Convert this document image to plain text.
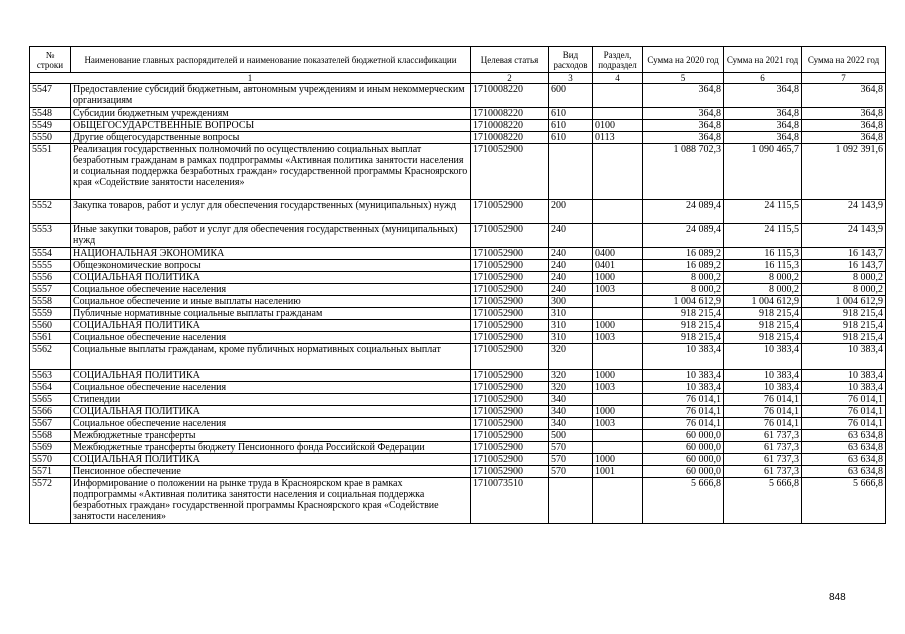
№ строки	Наименование главных распорядителей и наименование показателей бюджетной классификации	Целевая статья	Вид расходов	Раздел, подраздел	Сумма на 2020 год	Сумма на 2021 год	Сумма на 2022 год
1		2	3	4	5	6	7
5547	Предоставление субсидий бюджетным, автономным учреждениям и иным некоммерческим организациям	1710008220	600		364,8	364,8	364,8
5548	Субсидии бюджетным учреждениям	1710008220	610		364,8	364,8	364,8
5549	ОБЩЕГОСУДАРСТВЕННЫЕ ВОПРОСЫ	1710008220	610	0100	364,8	364,8	364,8
5550	Другие общегосударственные вопросы	1710008220	610	0113	364,8	364,8	364,8
5551	Реализация государственных полномочий по осуществлению социальных выплат безработным гражданам в рамках подпрограммы «Активная политика занятости населения и социальная поддержка безработных граждан» государственной программы Красноярского края «Содействие занятости населения»	1710052900			1 088 702,3	1 090 465,7	1 092 391,6
5552	Закупка товаров, работ и услуг для обеспечения государственных (муниципальных) нужд	1710052900	200		24 089,4	24 115,5	24 143,9
5553	Иные закупки товаров, работ и услуг для обеспечения государственных (муниципальных) нужд	1710052900	240		24 089,4	24 115,5	24 143,9
5554	НАЦИОНАЛЬНАЯ ЭКОНОМИКА	1710052900	240	0400	16 089,2	16 115,3	16 143,7
5555	Общеэкономические вопросы	1710052900	240	0401	16 089,2	16 115,3	16 143,7
5556	СОЦИАЛЬНАЯ ПОЛИТИКА	1710052900	240	1000	8 000,2	8 000,2	8 000,2
5557	Социальное обеспечение населения	1710052900	240	1003	8 000,2	8 000,2	8 000,2
5558	Социальное обеспечение и иные выплаты населению	1710052900	300		1 004 612,9	1 004 612,9	1 004 612,9
5559	Публичные нормативные социальные выплаты гражданам	1710052900	310		918 215,4	918 215,4	918 215,4
5560	СОЦИАЛЬНАЯ ПОЛИТИКА	1710052900	310	1000	918 215,4	918 215,4	918 215,4
5561	Социальное обеспечение населения	1710052900	310	1003	918 215,4	918 215,4	918 215,4
5562	Социальные выплаты гражданам, кроме публичных нормативных социальных выплат	1710052900	320		10 383,4	10 383,4	10 383,4
5563	СОЦИАЛЬНАЯ ПОЛИТИКА	1710052900	320	1000	10 383,4	10 383,4	10 383,4
5564	Социальное обеспечение населения	1710052900	320	1003	10 383,4	10 383,4	10 383,4
5565	Стипендии	1710052900	340		76 014,1	76 014,1	76 014,1
5566	СОЦИАЛЬНАЯ ПОЛИТИКА	1710052900	340	1000	76 014,1	76 014,1	76 014,1
5567	Социальное обеспечение населения	1710052900	340	1003	76 014,1	76 014,1	76 014,1
5568	Межбюджетные трансферты	1710052900	500		60 000,0	61 737,3	63 634,8
5569	Межбюджетные трансферты бюджету Пенсионного фонда Российской Федерации	1710052900	570		60 000,0	61 737,3	63 634,8
5570	СОЦИАЛЬНАЯ ПОЛИТИКА	1710052900	570	1000	60 000,0	61 737,3	63 634,8
5571	Пенсионное обеспечение	1710052900	570	1001	60 000,0	61 737,3	63 634,8
5572	Информирование о положении на рынке труда в Красноярском крае в рамках подпрограммы «Активная политика занятости населения и социальная поддержка безработных граждан» государственной программы Красноярского края «Содействие занятости населения»	1710073510			5 666,8	5 666,8	5 666,8
848
